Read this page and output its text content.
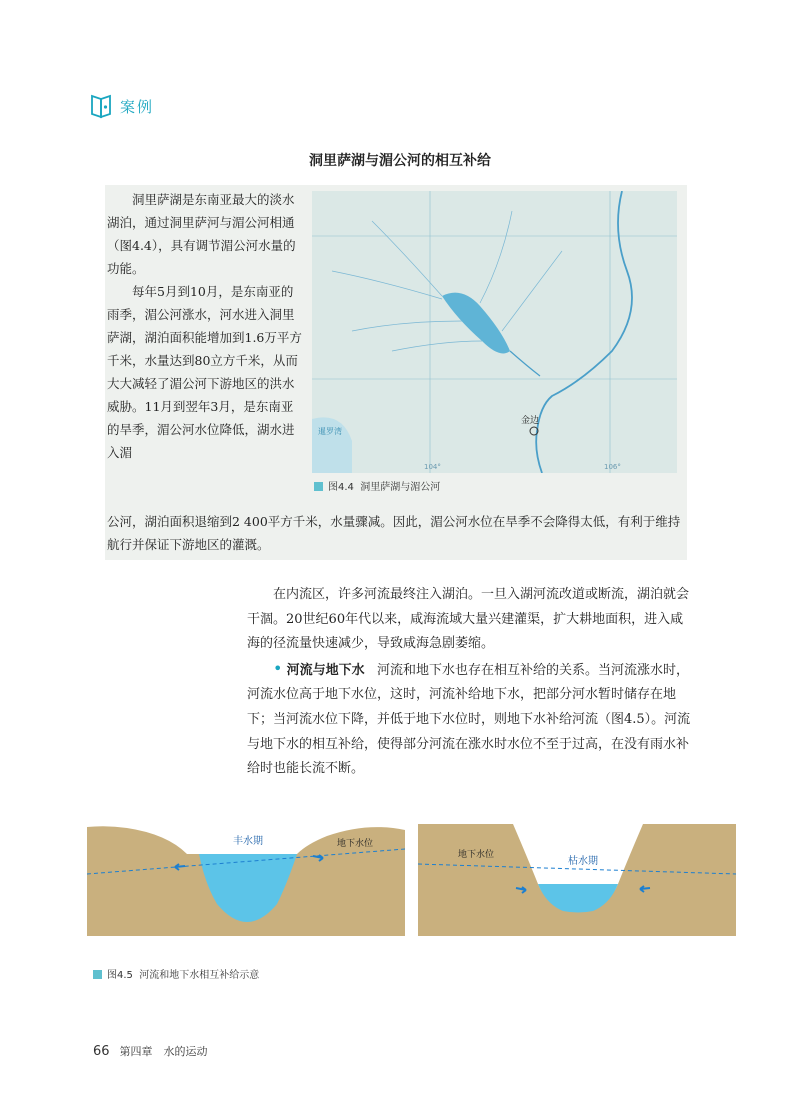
案例
洞里萨湖与湄公河的相互补给

洞里萨湖是东南亚最大的淡水湖泊，通过洞里萨河与湄公河相通（图4.4），具有调节湄公河水量的功能。

每年5月到10月，是东南亚的雨季，湄公河涨水，河水进入洞里萨湖，湖泊面积能增加到1.6万平方千米，水量达到80立方千米，从而大大减轻了湄公河下游地区的洪水威胁。11月到翌年3月，是东南亚的旱季，湄公河水位降低，湖水进入湄

公河，湖泊面积退缩到2 400平方千米，水量骤减。因此，湄公河水位在旱季不会降得太低，有利于维持航行并保证下游地区的灌溉。
金边
暹罗湾
104°	106°
图4.4 洞里萨湖与湄公河

在内流区，许多河流最终注入湖泊。一旦入湖河流改道或断流，湖泊就会干涸。20世纪60年代以来，咸海流域大量兴建灌渠，扩大耕地面积，进入咸海的径流量快速减少，导致咸海急剧萎缩。

• 河流与地下水 河流和地下水也存在相互补给的关系。当河流涨水时，河流水位高于地下水位，这时，河流补给地下水，把部分河水暂时储存在地下；当河流水位下降，并低于地下水位时，则地下水补给河流（图4.5）。河流与地下水的相互补给，使得部分河流在涨水时水位不至于过高，在没有雨水补给时也能长流不断。

丰水期	地下水位
地下水位
枯水期
图4.5 河流和地下水相互补给示意
66 第四章　水的运动
